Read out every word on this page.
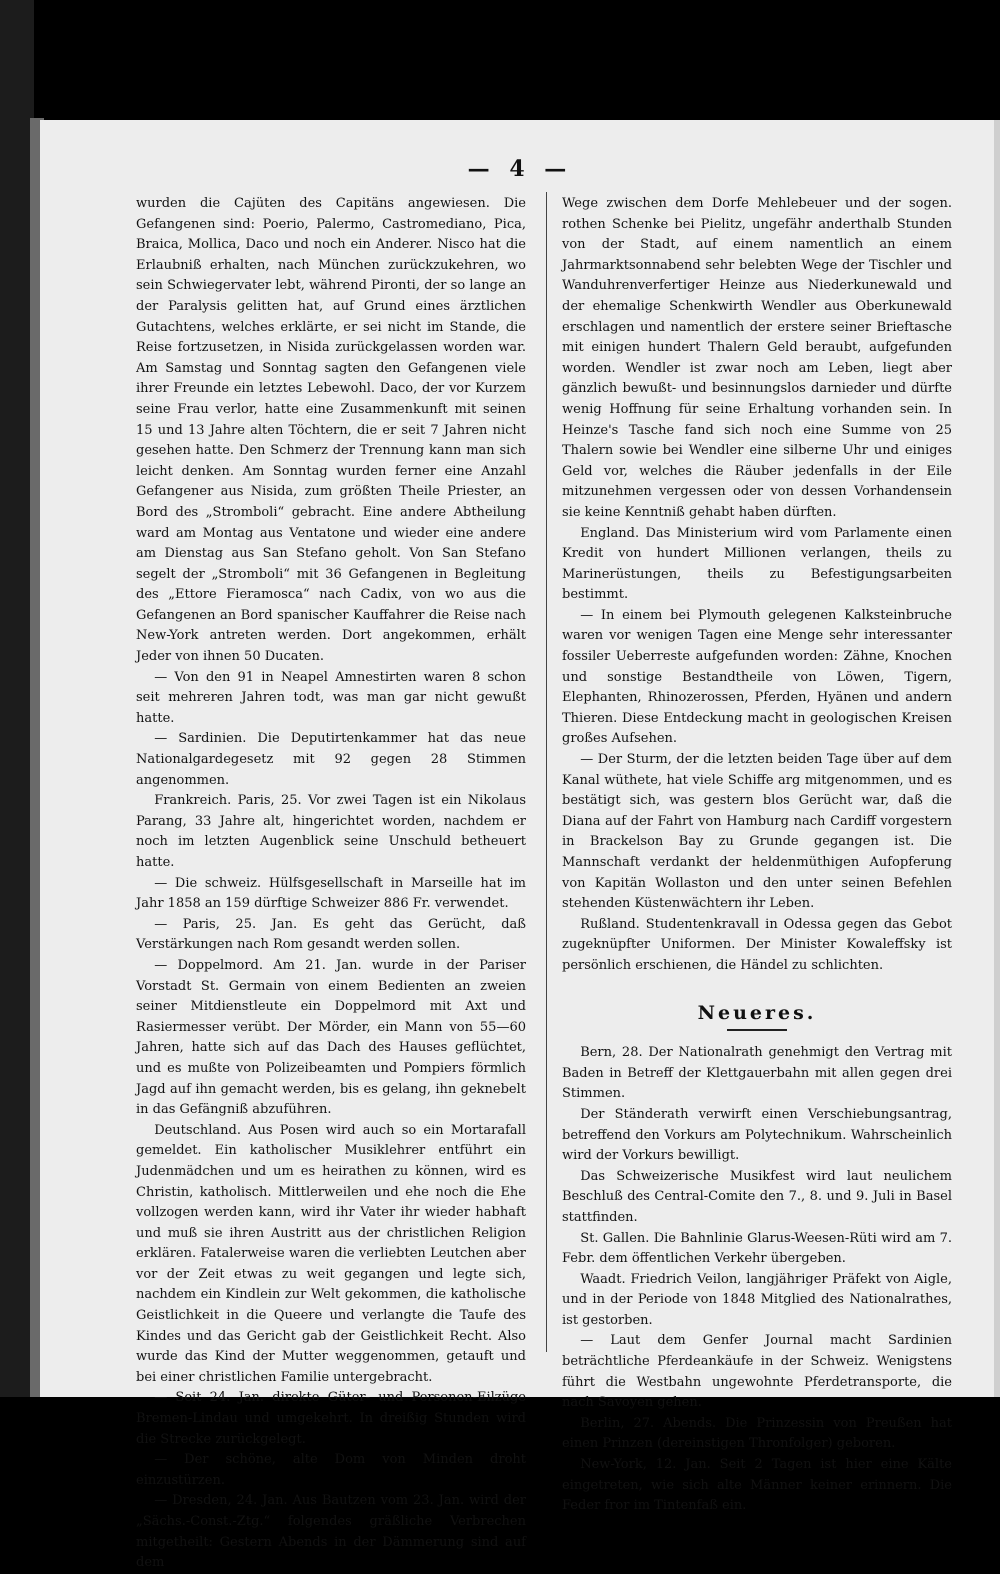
— 4 —

wurden die Cajüten des Capitäns angewiesen. Die Gefangenen sind: Poerio, Palermo, Castromediano, Pica, Braica, Mollica, Daco und noch ein Anderer. Nisco hat die Erlaubniß erhalten, nach München zurückzukehren, wo sein Schwiegervater lebt, während Pironti, der so lange an der Paralysis gelitten hat, auf Grund eines ärztlichen Gutachtens, welches erklärte, er sei nicht im Stande, die Reise fortzusetzen, in Nisida zurückgelassen worden war. Am Samstag und Sonntag sagten den Gefangenen viele ihrer Freunde ein letztes Lebewohl. Daco, der vor Kurzem seine Frau verlor, hatte eine Zusammenkunft mit seinen 15 und 13 Jahre alten Töchtern, die er seit 7 Jahren nicht gesehen hatte. Den Schmerz der Trennung kann man sich leicht denken. Am Sonntag wurden ferner eine Anzahl Gefangener aus Nisida, zum größten Theile Priester, an Bord des „Stromboli“ gebracht. Eine andere Abtheilung ward am Montag aus Ventatone und wieder eine andere am Dienstag aus San Stefano geholt. Von San Stefano segelt der „Stromboli“ mit 36 Gefangenen in Begleitung des „Ettore Fieramosca“ nach Cadix, von wo aus die Gefangenen an Bord spanischer Kauffahrer die Reise nach New-York antreten werden. Dort angekommen, erhält Jeder von ihnen 50 Ducaten.

— Von den 91 in Neapel Amnestirten waren 8 schon seit mehreren Jahren todt, was man gar nicht gewußt hatte.

— Sardinien. Die Deputirtenkammer hat das neue Nationalgardegesetz mit 92 gegen 28 Stimmen angenommen.

Frankreich. Paris, 25. Vor zwei Tagen ist ein Nikolaus Parang, 33 Jahre alt, hingerichtet worden, nachdem er noch im letzten Augenblick seine Unschuld betheuert hatte.

— Die schweiz. Hülfsgesellschaft in Marseille hat im Jahr 1858 an 159 dürftige Schweizer 886 Fr. verwendet.

— Paris, 25. Jan. Es geht das Gerücht, daß Verstärkungen nach Rom gesandt werden sollen.

— Doppelmord. Am 21. Jan. wurde in der Pariser Vorstadt St. Germain von einem Bedienten an zweien seiner Mitdienstleute ein Doppelmord mit Axt und Rasiermesser verübt. Der Mörder, ein Mann von 55—60 Jahren, hatte sich auf das Dach des Hauses geflüchtet, und es mußte von Polizeibeamten und Pompiers förmlich Jagd auf ihn gemacht werden, bis es gelang, ihn geknebelt in das Gefängniß abzuführen.

Deutschland. Aus Posen wird auch so ein Mortarafall gemeldet. Ein katholischer Musiklehrer entführt ein Judenmädchen und um es heirathen zu können, wird es Christin, katholisch. Mittlerweilen und ehe noch die Ehe vollzogen werden kann, wird ihr Vater ihr wieder habhaft und muß sie ihren Austritt aus der christlichen Religion erklären. Fatalerweise waren die verliebten Leutchen aber vor der Zeit etwas zu weit gegangen und legte sich, nachdem ein Kindlein zur Welt gekommen, die katholische Geistlichkeit in die Queere und verlangte die Taufe des Kindes und das Gericht gab der Geistlichkeit Recht. Also wurde das Kind der Mutter weggenommen, getauft und bei einer christlichen Familie untergebracht.

— Seit 24. Jan. direkte Güter- und Personen-Eilzüge Bremen-Lindau und umgekehrt. In dreißig Stunden wird die Strecke zurückgelegt.

— Der schöne, alte Dom von Minden droht einzustürzen.

— Dresden, 24. Jan. Aus Bautzen vom 23. Jan. wird der „Sächs.-Const.-Ztg.“ folgendes gräßliche Verbrechen mitgetheilt: Gestern Abends in der Dämmerung sind auf dem

Wege zwischen dem Dorfe Mehlebeuer und der sogen. rothen Schenke bei Pielitz, ungefähr anderthalb Stunden von der Stadt, auf einem namentlich an einem Jahrmarktsonnabend sehr belebten Wege der Tischler und Wanduhrenverfertiger Heinze aus Niederkunewald und der ehemalige Schenkwirth Wendler aus Oberkunewald erschlagen und namentlich der erstere seiner Brieftasche mit einigen hundert Thalern Geld beraubt, aufgefunden worden. Wendler ist zwar noch am Leben, liegt aber gänzlich bewußt- und besinnungslos darnieder und dürfte wenig Hoffnung für seine Erhaltung vorhanden sein. In Heinze's Tasche fand sich noch eine Summe von 25 Thalern sowie bei Wendler eine silberne Uhr und einiges Geld vor, welches die Räuber jedenfalls in der Eile mitzunehmen vergessen oder von dessen Vorhandensein sie keine Kenntniß gehabt haben dürften.

England. Das Ministerium wird vom Parlamente einen Kredit von hundert Millionen verlangen, theils zu Marinerüstungen, theils zu Befestigungsarbeiten bestimmt.

— In einem bei Plymouth gelegenen Kalksteinbruche waren vor wenigen Tagen eine Menge sehr interessanter fossiler Ueberreste aufgefunden worden: Zähne, Knochen und sonstige Bestandtheile von Löwen, Tigern, Elephanten, Rhinozerossen, Pferden, Hyänen und andern Thieren. Diese Entdeckung macht in geologischen Kreisen großes Aufsehen.

— Der Sturm, der die letzten beiden Tage über auf dem Kanal wüthete, hat viele Schiffe arg mitgenommen, und es bestätigt sich, was gestern blos Gerücht war, daß die Diana auf der Fahrt von Hamburg nach Cardiff vorgestern in Brackelson Bay zu Grunde gegangen ist. Die Mannschaft verdankt der heldenmüthigen Aufopferung von Kapitän Wollaston und den unter seinen Befehlen stehenden Küstenwächtern ihr Leben.

Rußland. Studentenkravall in Odessa gegen das Gebot zugeknüpfter Uniformen. Der Minister Kowaleffsky ist persönlich erschienen, die Händel zu schlichten.

Neueres.

Bern, 28. Der Nationalrath genehmigt den Vertrag mit Baden in Betreff der Klettgauerbahn mit allen gegen drei Stimmen.

Der Ständerath verwirft einen Verschiebungsantrag, betreffend den Vorkurs am Polytechnikum. Wahrscheinlich wird der Vorkurs bewilligt.

Das Schweizerische Musikfest wird laut neulichem Beschluß des Central-Comite den 7., 8. und 9. Juli in Basel stattfinden.

St. Gallen. Die Bahnlinie Glarus-Weesen-Rüti wird am 7. Febr. dem öffentlichen Verkehr übergeben.

Waadt. Friedrich Veilon, langjähriger Präfekt von Aigle, und in der Periode von 1848 Mitglied des Nationalrathes, ist gestorben.

— Laut dem Genfer Journal macht Sardinien beträchtliche Pferdeankäufe in der Schweiz. Wenigstens führt die Westbahn ungewohnte Pferdetransporte, die nach Savoyen gehen.

Berlin, 27. Abends. Die Prinzessin von Preußen hat einen Prinzen (dereinstigen Thronfolger) geboren.

New-York, 12. Jan. Seit 2 Tagen ist hier eine Kälte eingetreten, wie sich alte Männer keiner erinnern. Die Feder fror im Tintenfaß ein.
